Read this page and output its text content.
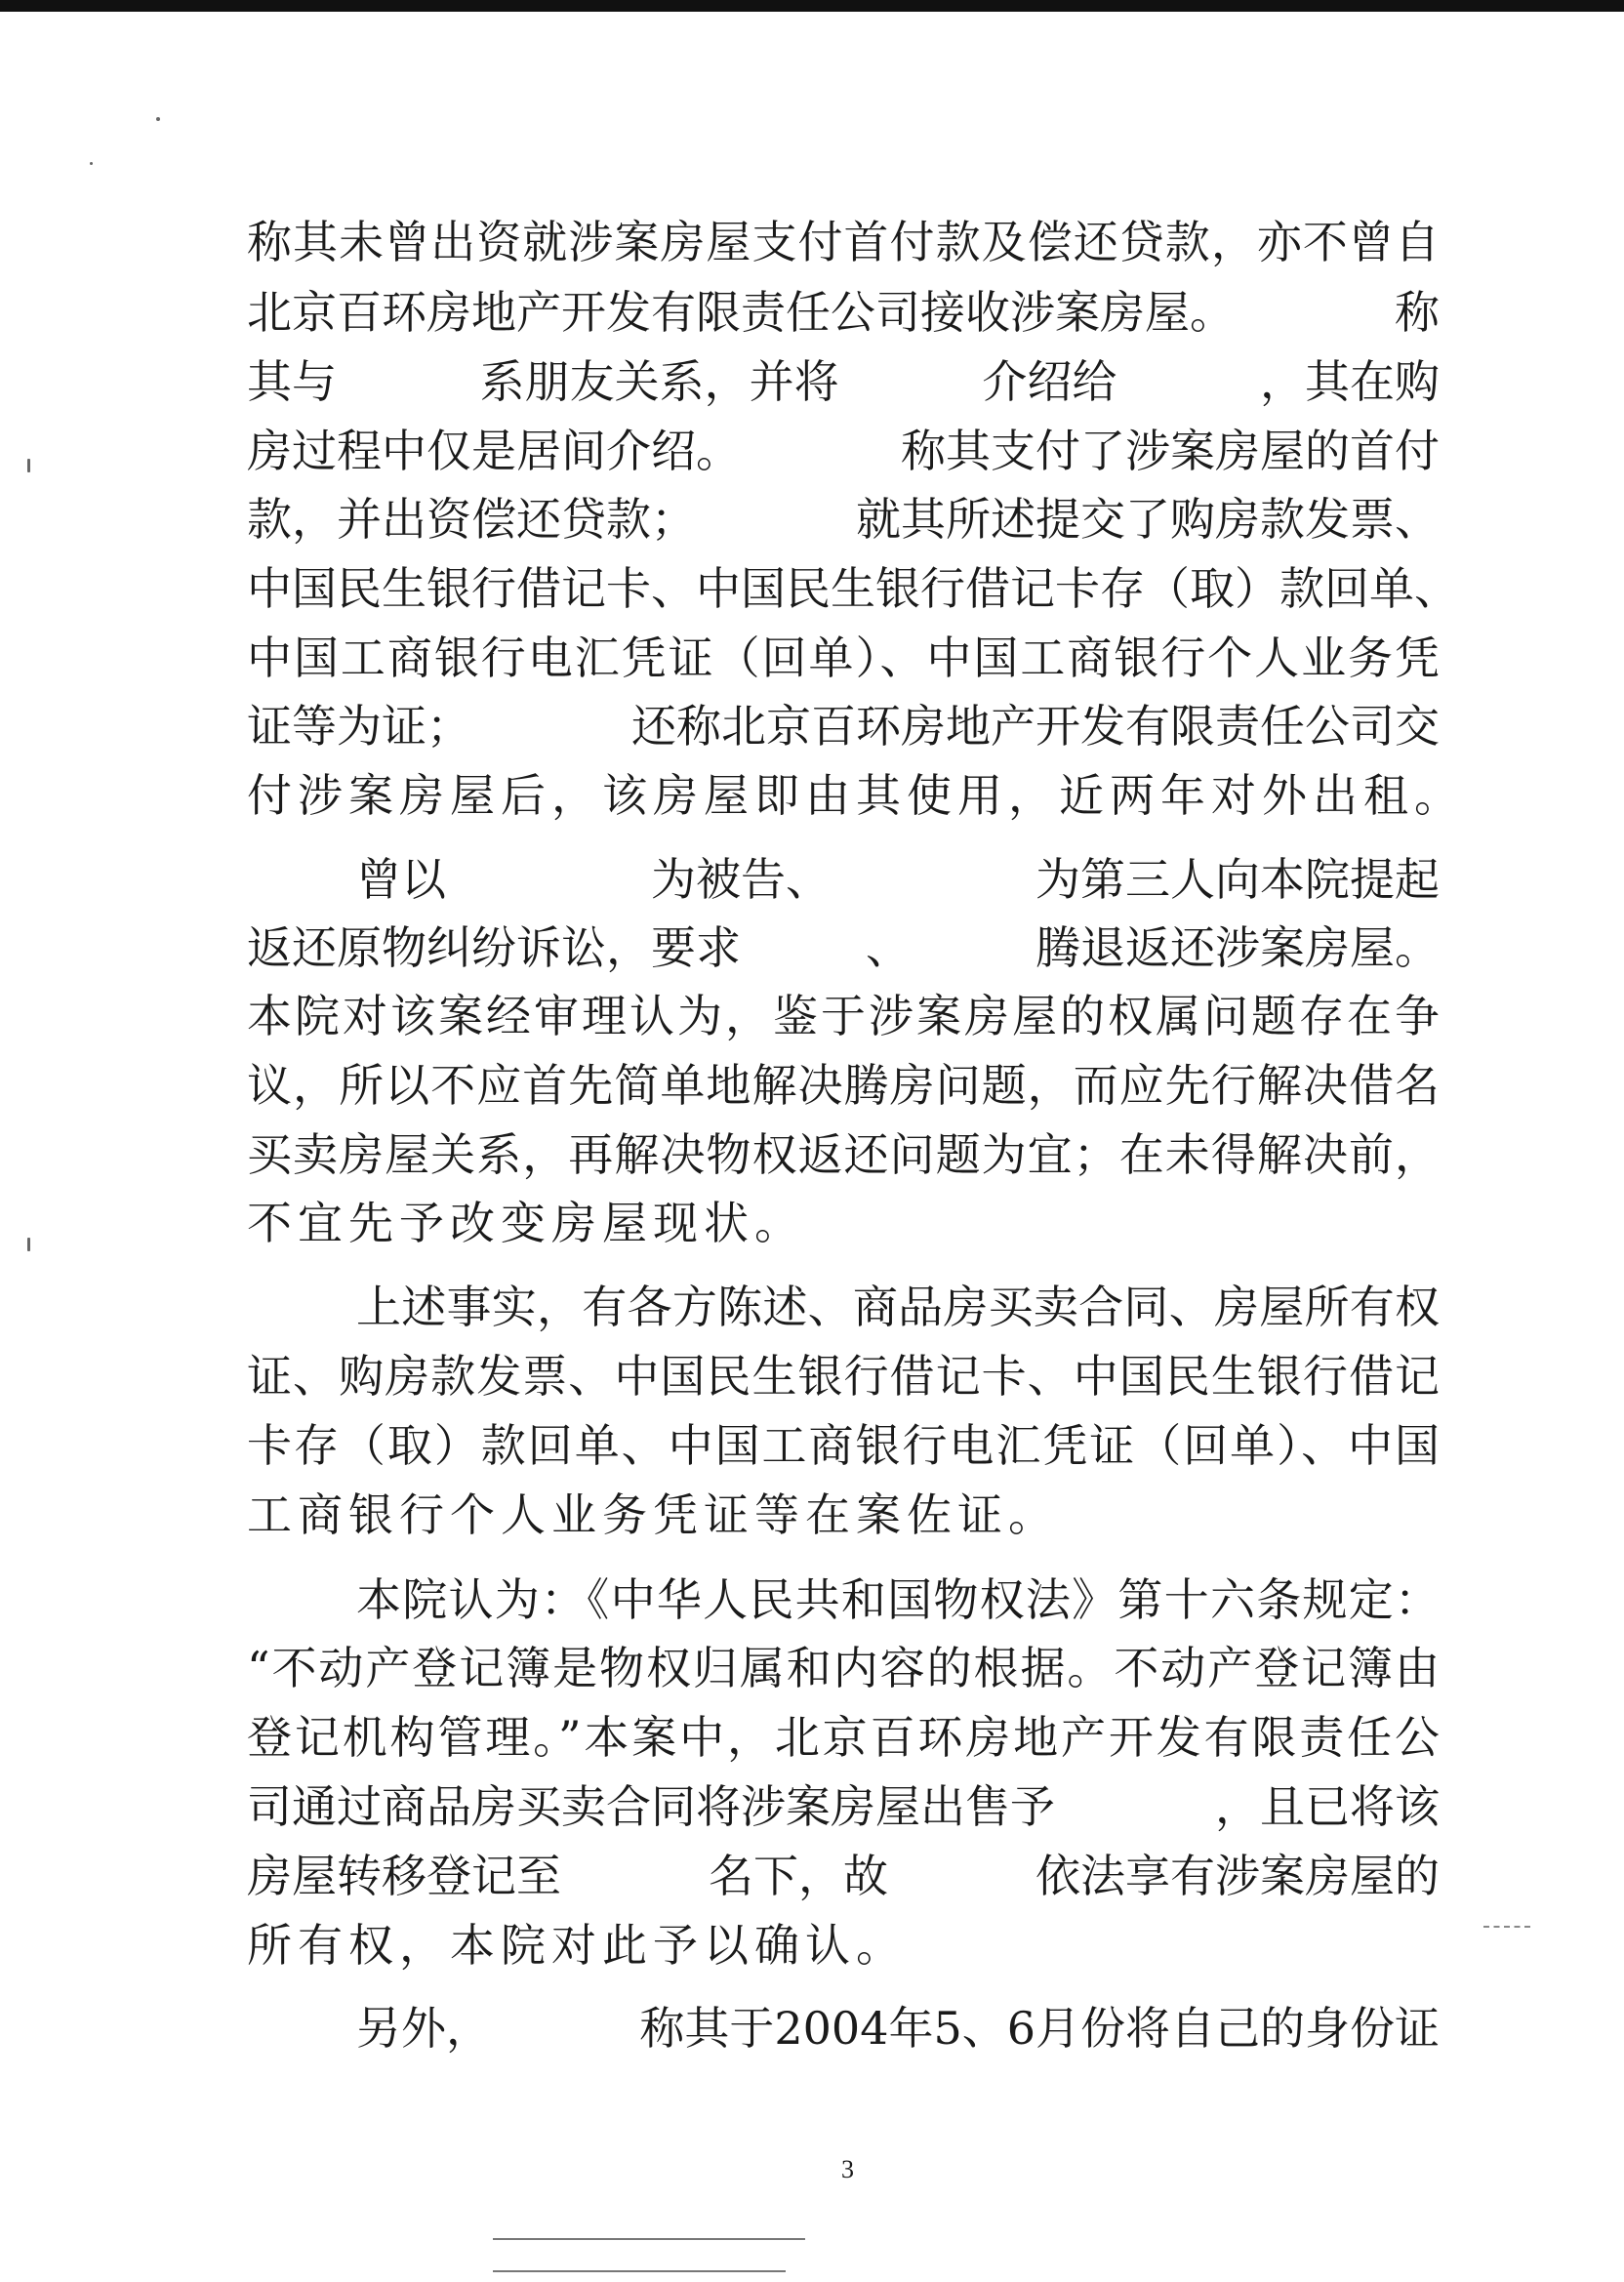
称其未曾出资就涉案房屋支付首付款及偿还贷款，亦不曾自
北京百环房地产开发有限责任公司接收涉案房屋。	称
其与	系朋友关系，并将	介绍给	，其在购
房过程中仅是居间介绍。	称其支付了涉案房屋的首付
款，并出资偿还贷款；	就其所述提交了购房款发票、
中国民生银行借记卡、中国民生银行借记卡存（取）款回单、
中国工商银行电汇凭证（回单）、中国工商银行个人业务凭
证等为证；	还称北京百环房地产开发有限责任公司交
付涉案房屋后，该房屋即由其使用，近两年对外出租。
曾以	为被告、	为第三人向本院提起
返还原物纠纷诉讼，要求	、	腾退返还涉案房屋。
本院对该案经审理认为，鉴于涉案房屋的权属问题存在争
议，所以不应首先简单地解决腾房问题，而应先行解决借名
买卖房屋关系，再解决物权返还问题为宜；在未得解决前，
不宜先予改变房屋现状。
上述事实，有各方陈述、商品房买卖合同、房屋所有权
证、购房款发票、中国民生银行借记卡、中国民生银行借记
卡存（取）款回单、中国工商银行电汇凭证（回单）、中国
工商银行个人业务凭证等在案佐证。
本院认为：《中华人民共和国物权法》第十六条规定：
“不动产登记簿是物权归属和内容的根据。不动产登记簿由
登记机构管理。”本案中，北京百环房地产开发有限责任公
司通过商品房买卖合同将涉案房屋出售予	，且已将该
房屋转移登记至	名下，故	依法享有涉案房屋的
所有权，本院对此予以确认。
另外，	称其于2004年5、6月份将自己的身份证
3
